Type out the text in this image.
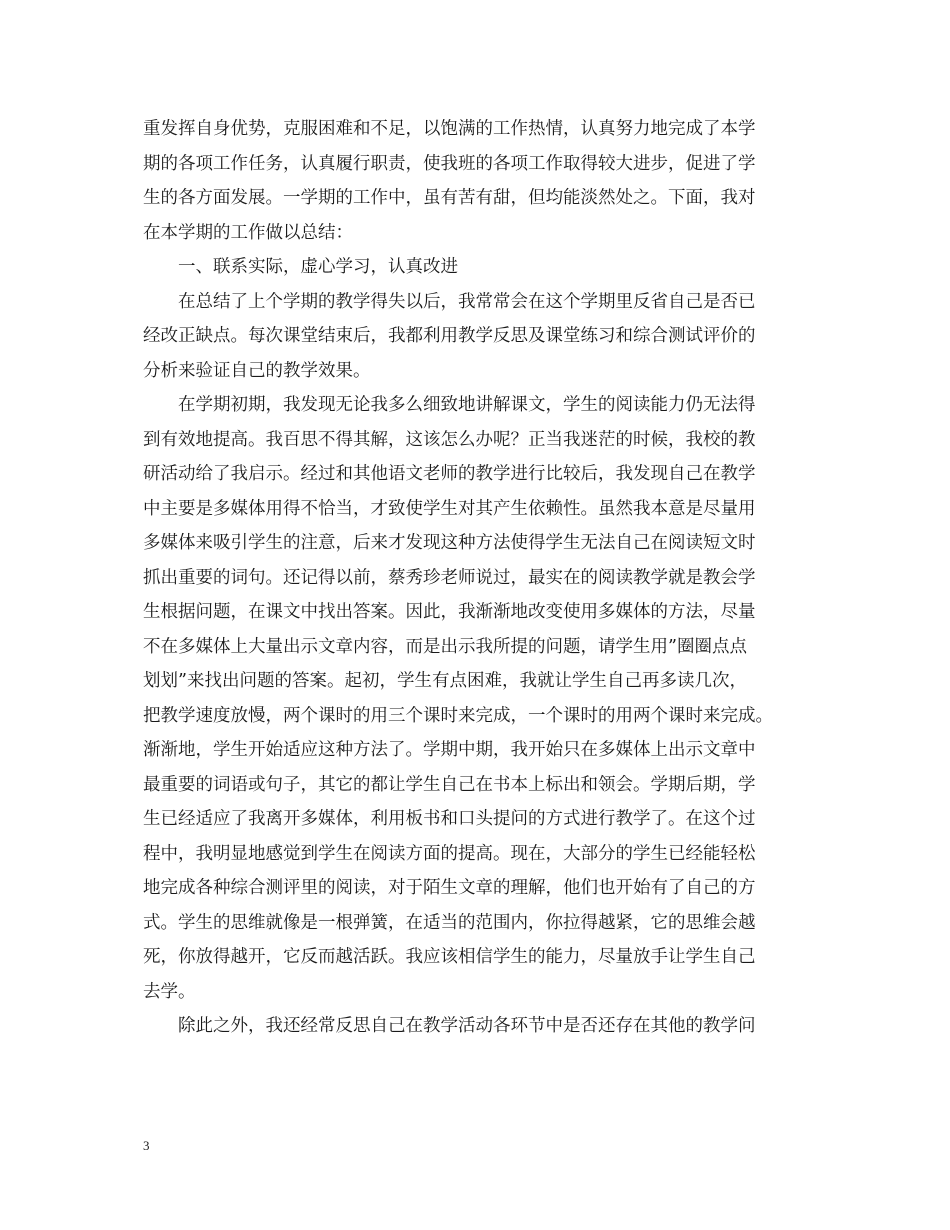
重发挥自身优势，克服困难和不足，以饱满的工作热情，认真努力地完成了本学
期的各项工作任务，认真履行职责，使我班的各项工作取得较大进步，促进了学
生的各方面发展。一学期的工作中，虽有苦有甜，但均能淡然处之。下面，我对
在本学期的工作做以总结：
一、联系实际，虚心学习，认真改进
在总结了上个学期的教学得失以后，我常常会在这个学期里反省自己是否已
经改正缺点。每次课堂结束后，我都利用教学反思及课堂练习和综合测试评价的
分析来验证自己的教学效果。
在学期初期，我发现无论我多么细致地讲解课文，学生的阅读能力仍无法得
到有效地提高。我百思不得其解，这该怎么办呢？正当我迷茫的时候，我校的教
研活动给了我启示。经过和其他语文老师的教学进行比较后，我发现自己在教学
中主要是多媒体用得不恰当，才致使学生对其产生依赖性。虽然我本意是尽量用
多媒体来吸引学生的注意，后来才发现这种方法使得学生无法自己在阅读短文时
抓出重要的词句。还记得以前，蔡秀珍老师说过，最实在的阅读教学就是教会学
生根据问题，在课文中找出答案。因此，我渐渐地改变使用多媒体的方法，尽量
不在多媒体上大量出示文章内容，而是出示我所提的问题，请学生用”圈圈点点
划划”来找出问题的答案。起初，学生有点困难，我就让学生自己再多读几次，
把教学速度放慢，两个课时的用三个课时来完成，一个课时的用两个课时来完成。
渐渐地，学生开始适应这种方法了。学期中期，我开始只在多媒体上出示文章中
最重要的词语或句子，其它的都让学生自己在书本上标出和领会。学期后期，学
生已经适应了我离开多媒体，利用板书和口头提问的方式进行教学了。在这个过
程中，我明显地感觉到学生在阅读方面的提高。现在，大部分的学生已经能轻松
地完成各种综合测评里的阅读，对于陌生文章的理解，他们也开始有了自己的方
式。学生的思维就像是一根弹簧，在适当的范围内，你拉得越紧，它的思维会越
死，你放得越开，它反而越活跃。我应该相信学生的能力，尽量放手让学生自己
去学。
除此之外，我还经常反思自己在教学活动各环节中是否还存在其他的教学问
3
